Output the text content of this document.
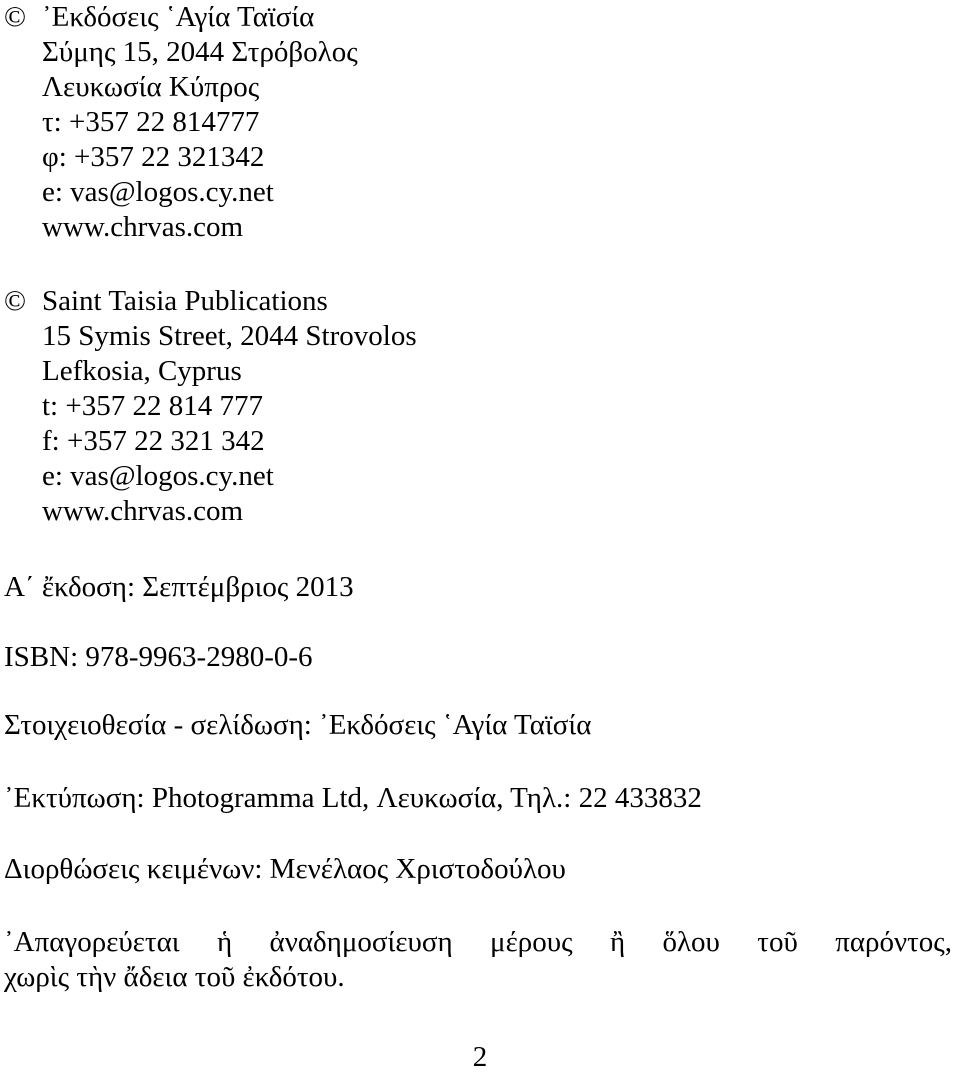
© ᾿Εκδόσεις ῾Αγία Ταϊσία
Σύμης 15, 2044 Στρόβολος
Λευκωσία Κύπρος
τ: +357 22 814777
φ: +357 22 321342
e: vas@logos.cy.net
www.chrvas.com
© Saint Taisia Publications
15 Symis Street, 2044 Strovolos
Lefkosia, Cyprus
t: +357 22 814 777
f: +357 22 321 342
e: vas@logos.cy.net
www.chrvas.com
Α΄ ἔκδοση: Σεπτέμβριος 2013
ISBN: 978-9963-2980-0-6
Στοιχειοθεσία - σελίδωση: ᾿Εκδόσεις ῾Αγία Ταϊσία
᾿Εκτύπωση: Photogramma Ltd, Λευκωσία, Τηλ.: 22 433832
Διορθώσεις κειμένων: Μενέλαος Χριστοδούλου
᾿Απαγορεύεται ἡ ἀναδημοσίευση μέρους ἢ ὅλου τοῦ παρόντος,
χωρὶς τὴν ἄδεια τοῦ ἐκδότου.
2
